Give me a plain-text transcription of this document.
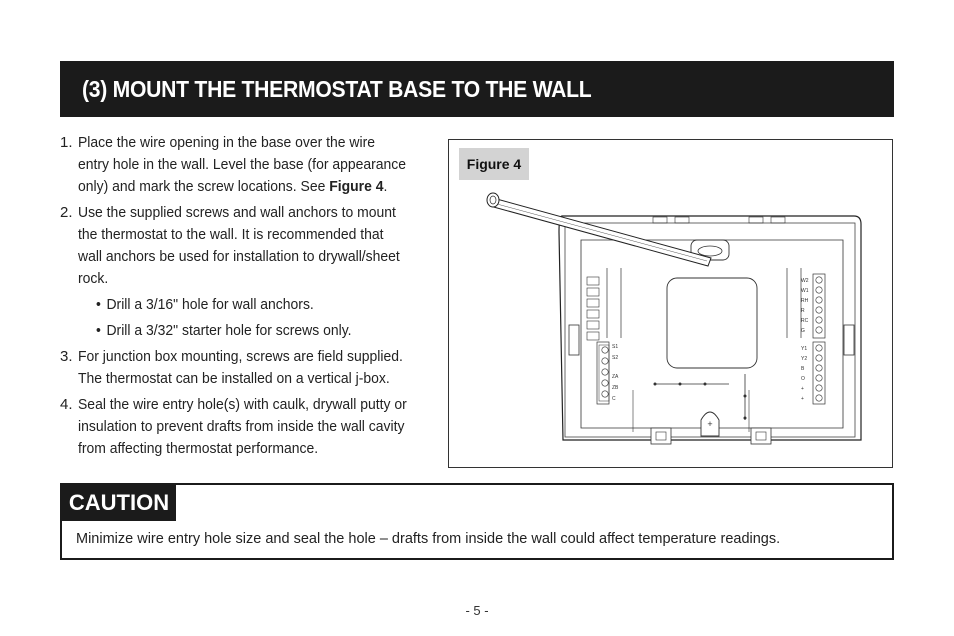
(3) MOUNT THE THERMOSTAT BASE TO THE WALL
1. Place the wire opening in the base over the wire entry hole in the wall. Level the base (for appearance only) and mark the screw locations. See Figure 4.
2. Use the supplied screws and wall anchors to mount the thermostat to the wall. It is recommended that wall anchors be used for installation to drywall/sheet rock.
• Drill a 3/16" hole for wall anchors.
• Drill a 3/32" starter hole for screws only.
3. For junction box mounting, screws are field supplied. The thermostat can be installed on a vertical j-box.
4. Seal the wire entry hole(s) with caulk, drywall putty or insulation to prevent drafts from inside the wall cavity from affecting thermostat performance.
+
S1
S2
ZA
ZB
C
W2
W1
RH
R
RC
G
Y1
Y2
B
O
+
+
Figure 4
CAUTION
Minimize wire entry hole size and seal the hole – drafts from inside the wall could affect temperature readings.
- 5 -
